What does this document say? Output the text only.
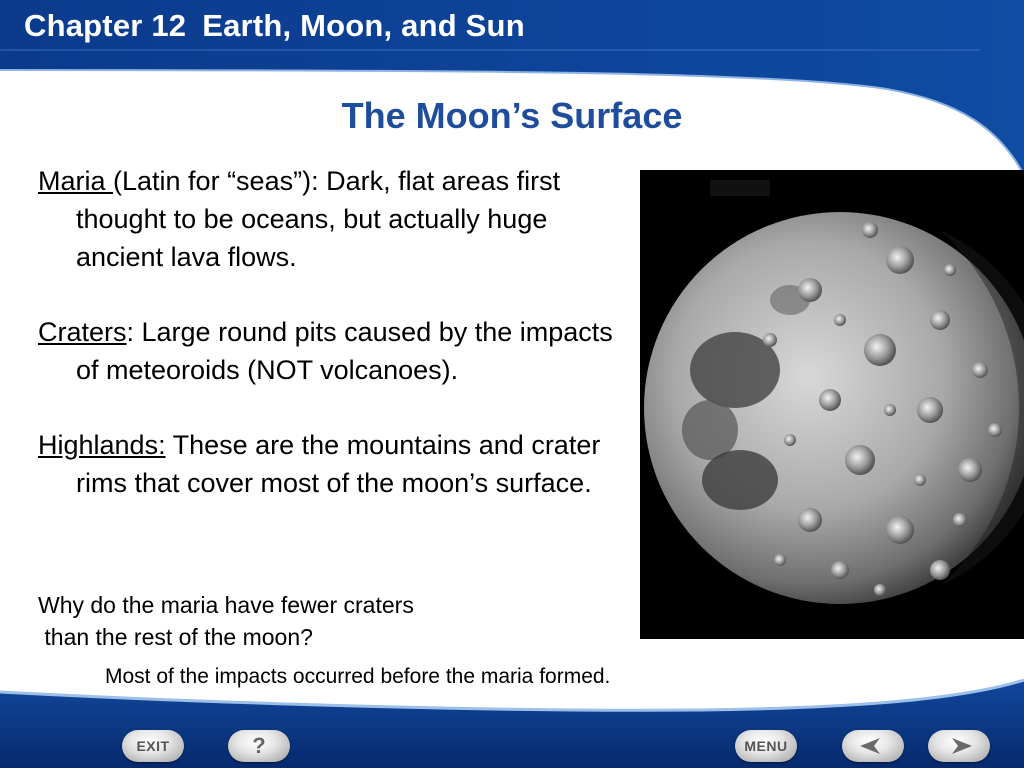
Chapter 12 Earth, Moon, and Sun
The Moon’s Surface
Maria (Latin for “seas”): Dark, flat areas first thought to be oceans, but actually huge ancient lava flows.
Craters: Large round pits caused by the impacts of meteoroids (NOT volcanoes).
Highlands: These are the mountains and crater rims that cover most of the moon’s surface.
Why do the maria have fewer craters
than the rest of the moon?
Most of the impacts occurred before the maria formed.
EXIT	?	MENU
